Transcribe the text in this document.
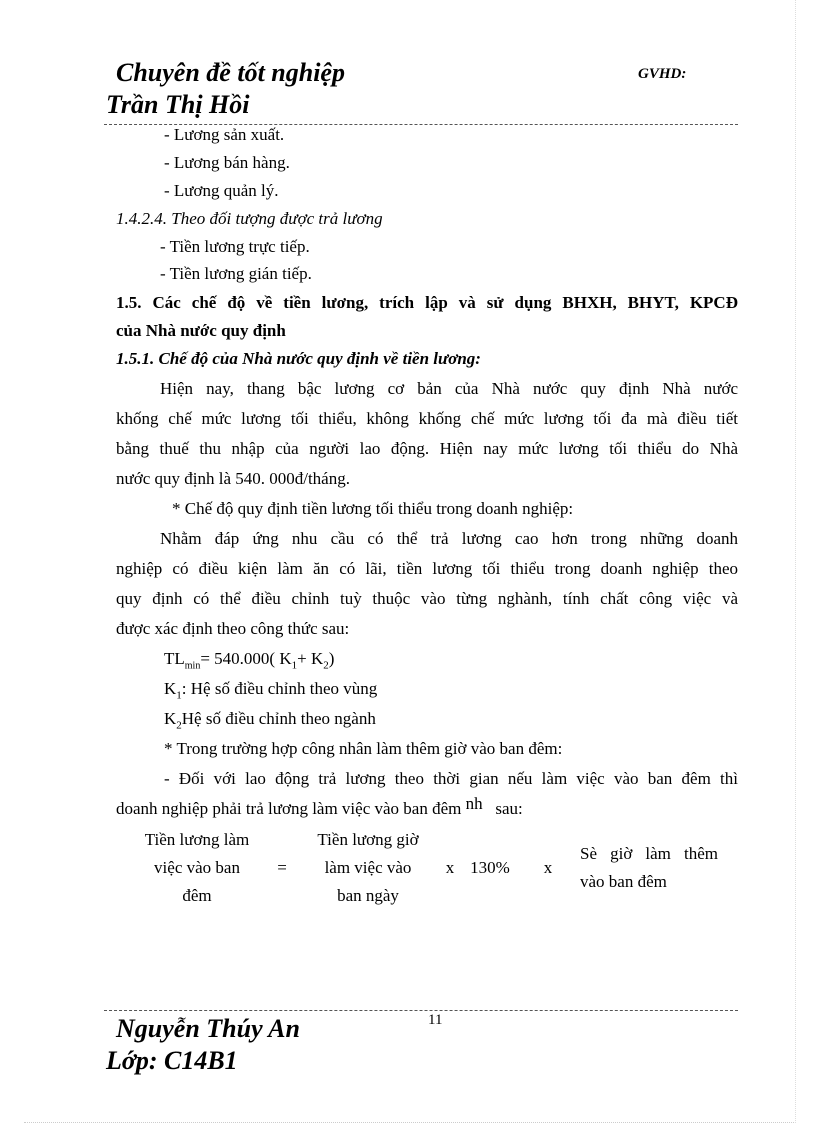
Chuyên đề tốt nghiệp	GVHD:
Trần Thị Hồi
- Lương sản xuất.
- Lương bán hàng.
- Lương quản lý.
1.4.2.4. Theo đối tượng được trả lương
- Tiền lương trực tiếp.
- Tiền lương gián tiếp.
1.5. Các chế độ về tiền lương, trích lập và sử dụng BHXH, BHYT, KPCĐ
của Nhà nước quy định
1.5.1. Chế độ của Nhà nước quy định về tiền lương:
Hiện nay, thang bậc lương cơ bản của Nhà nước quy định Nhà nước
khống chế mức lương tối thiểu, không khống chế mức lương tối đa mà điều tiết
bằng thuế thu nhập của người lao động. Hiện nay mức lương tối thiểu do Nhà
nước quy định là 540. 000đ/tháng.
* Chế độ quy định tiền lương tối thiểu trong doanh nghiệp:
Nhằm đáp ứng nhu cầu có thể trả lương cao hơn trong những doanh
nghiệp có điều kiện làm ăn có lãi, tiền lương tối thiểu trong doanh nghiệp theo
quy định có thể điều chỉnh tuỳ thuộc vào từng nghành, tính chất công việc và
được xác định theo công thức sau:
$TL_{min}= 540.000$( $K_1+ K_2$)
$K_1$: Hệ số điều chỉnh theo vùng
$K_2Hệ$ số điều chỉnh theo ngành
* Trong trường hợp công nhân làm thêm giờ vào ban đêm:
- Đối với lao động trả lương theo thời gian nếu làm việc vào ban đêm thì
doanh nghiệp phải trả lương làm việc vào ban đêm nh sau:
Tiền lương làm
việc vào ban
đêm
=
Tiền lương giờ
làm việc vào
ban ngày
x 130%	x
Sè giờ làm thêm
vào ban đêm
11
Nguyễn Thúy An
Lớp: C14B1
